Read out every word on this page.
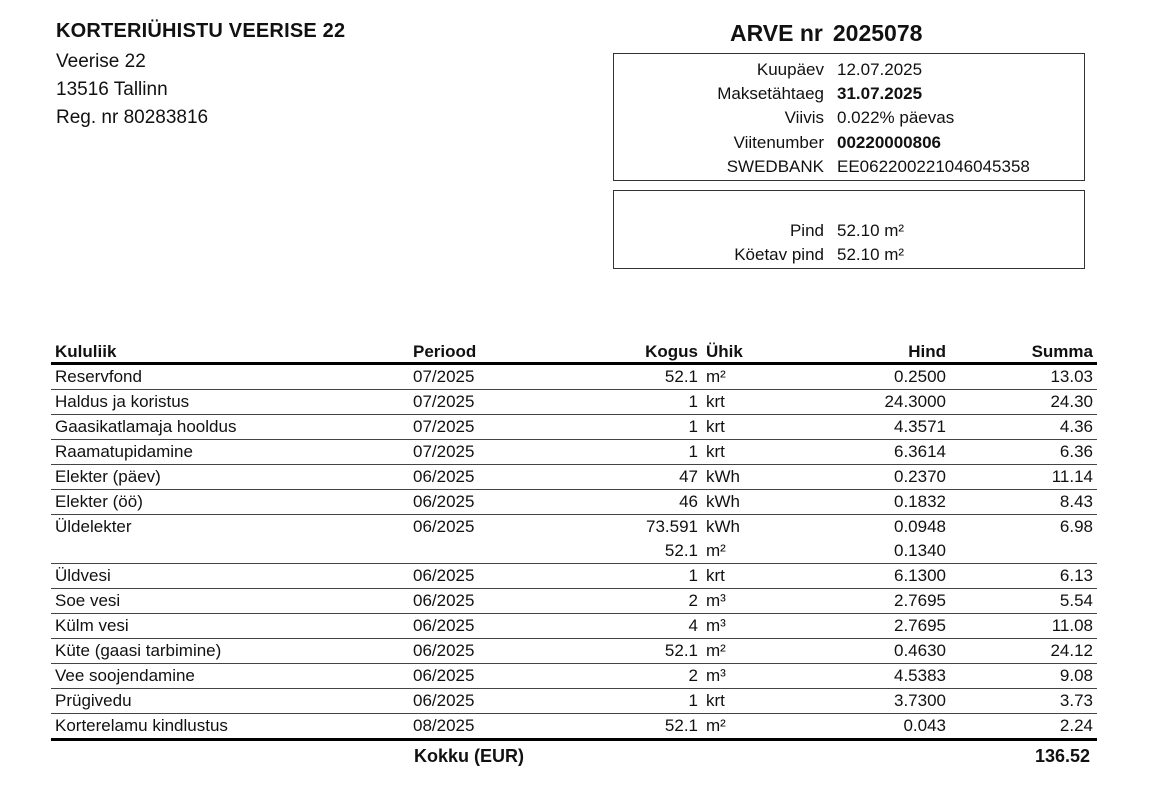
KORTERIÜHISTU VEERISE 22
Veerise 22
13516 Tallinn
Reg. nr 80283816
ARVE nr 2025078
Kuupäev 12.07.2025
Maksetähtaeg 31.07.2025
Viivis 0.022% päevas
Viitenumber 00220000806
SWEDBANK EE062200221046045358
Pind 52.10 m²
Köetav pind 52.10 m²
Kululiik	Periood	Kogus	Ühik	Hind	Summa
Reservfond	07/2025	52.1	m²	0.2500	13.03
Haldus ja koristus	07/2025	1	krt	24.3000	24.30
Gaasikatlamaja hooldus	07/2025	1	krt	4.3571	4.36
Raamatupidamine	07/2025	1	krt	6.3614	6.36
Elekter (päev)	06/2025	47	kWh	0.2370	11.14
Elekter (öö)	06/2025	46	kWh	0.1832	8.43
Üldelekter	06/2025	73.591	kWh	0.0948	6.98
		52.1	m²	0.1340	
Üldvesi	06/2025	1	krt	6.1300	6.13
Soe vesi	06/2025	2	m³	2.7695	5.54
Külm vesi	06/2025	4	m³	2.7695	11.08
Küte (gaasi tarbimine)	06/2025	52.1	m²	0.4630	24.12
Vee soojendamine	06/2025	2	m³	4.5383	9.08
Prügivedu	06/2025	1	krt	3.7300	3.73
Korterelamu kindlustus	08/2025	52.1	m²	0.043	2.24
Kokku (EUR)	136.52
